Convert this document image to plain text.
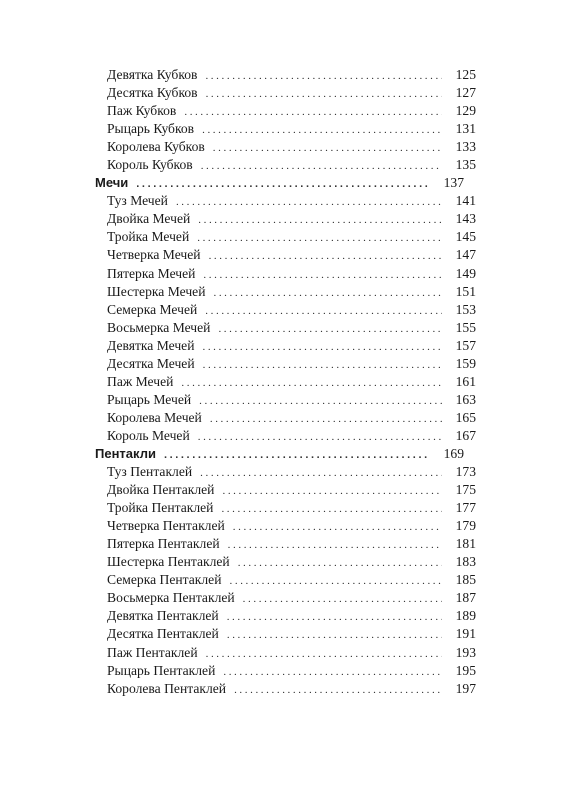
Девятка Кубков .....	125
Десятка Кубков .....	127
Паж Кубков .....	129
Рыцарь Кубков .....	131
Королева Кубков .....	133
Король Кубков .....	135
Мечи .....	137
Туз Мечей .....	141
Двойка Мечей .....	143
Тройка Мечей .....	145
Четверка Мечей .....	147
Пятерка Мечей .....	149
Шестерка Мечей .....	151
Семерка Мечей .....	153
Восьмерка Мечей .....	155
Девятка Мечей .....	157
Десятка Мечей .....	159
Паж Мечей .....	161
Рыцарь Мечей .....	163
Королева Мечей .....	165
Король Мечей .....	167
Пентакли .....	169
Туз Пентаклей .....	173
Двойка Пентаклей .....	175
Тройка Пентаклей .....	177
Четверка Пентаклей .....	179
Пятерка Пентаклей .....	181
Шестерка Пентаклей .....	183
Семерка Пентаклей .....	185
Восьмерка Пентаклей .....	187
Девятка Пентаклей .....	189
Десятка Пентаклей .....	191
Паж Пентаклей .....	193
Рыцарь Пентаклей .....	195
Королева Пентаклей .....	197
